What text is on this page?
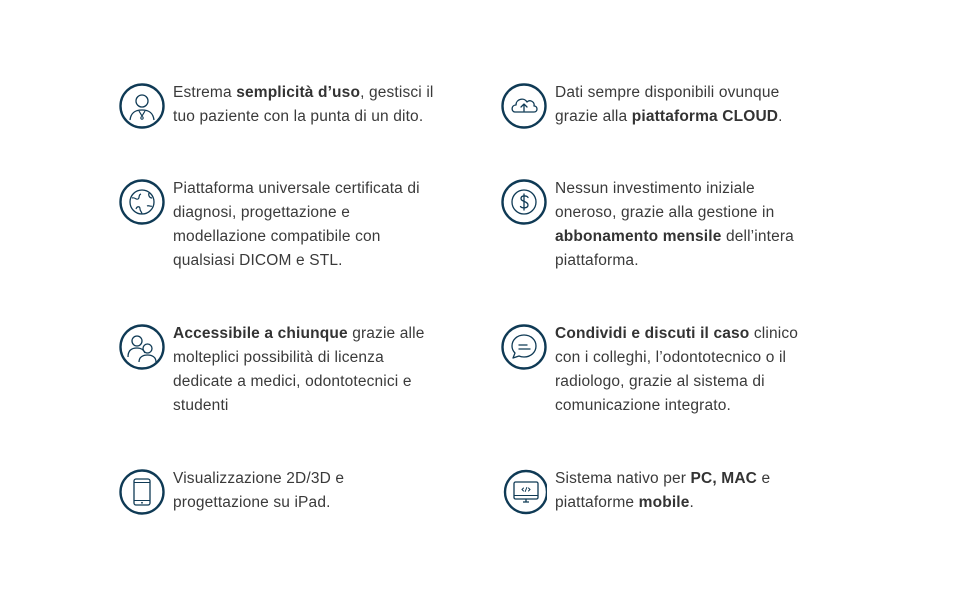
Estrema semplicità d’uso, gestisci il tuo paziente con la punta di un dito.
Dati sempre disponibili ovunque grazie alla piattaforma CLOUD.
Piattaforma universale certificata di diagnosi, progettazione e modellazione compatibile con qualsiasi DICOM e STL.
Nessun investimento iniziale oneroso, grazie alla gestione in abbonamento mensile dell’intera piattaforma.
Accessibile a chiunque grazie alle molteplici possibilità di licenza dedicate a medici, odontotecnici e studenti
Condividi e discuti il caso clinico con i colleghi, l’odontotecnico o il radiologo, grazie al sistema di comunicazione integrato.
Visualizzazione 2D/3D e progettazione su iPad.
Sistema nativo per PC, MAC e piattaforme mobile.
